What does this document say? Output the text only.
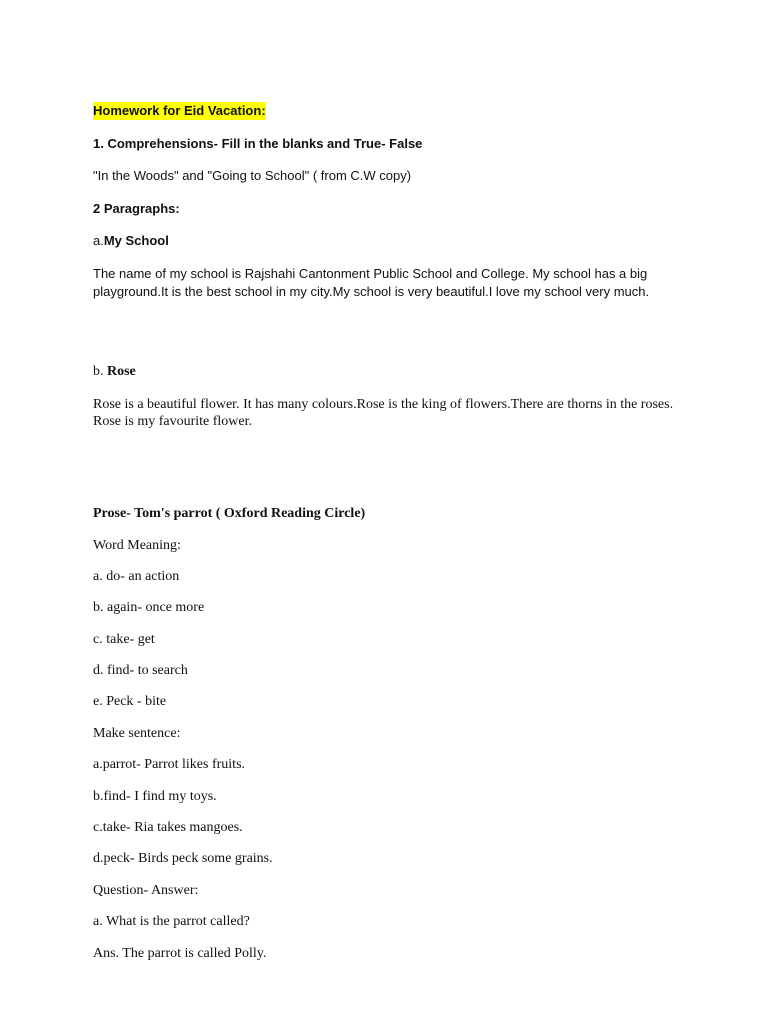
Homework for Eid Vacation:
1. Comprehensions- Fill in the blanks and True- False
"In the Woods" and "Going to School" ( from C.W copy)
2 Paragraphs:
a.My School
The name of my school is Rajshahi Cantonment Public School and College. My school has a big playground.It is the best school in my city.My school is very beautiful.I love my school very much.
b. Rose
Rose is a beautiful flower. It has many colours.Rose is the king of flowers.There are thorns in the roses. Rose is my favourite flower.
Prose- Tom's parrot ( Oxford Reading Circle)
Word Meaning:
a. do- an action
b. again- once more
c. take- get
d. find- to search
e. Peck - bite
Make sentence:
a.parrot- Parrot likes fruits.
b.find- I find my toys.
c.take- Ria takes mangoes.
d.peck- Birds peck some grains.
Question- Answer:
a. What is the parrot called?
Ans. The parrot is called Polly.
